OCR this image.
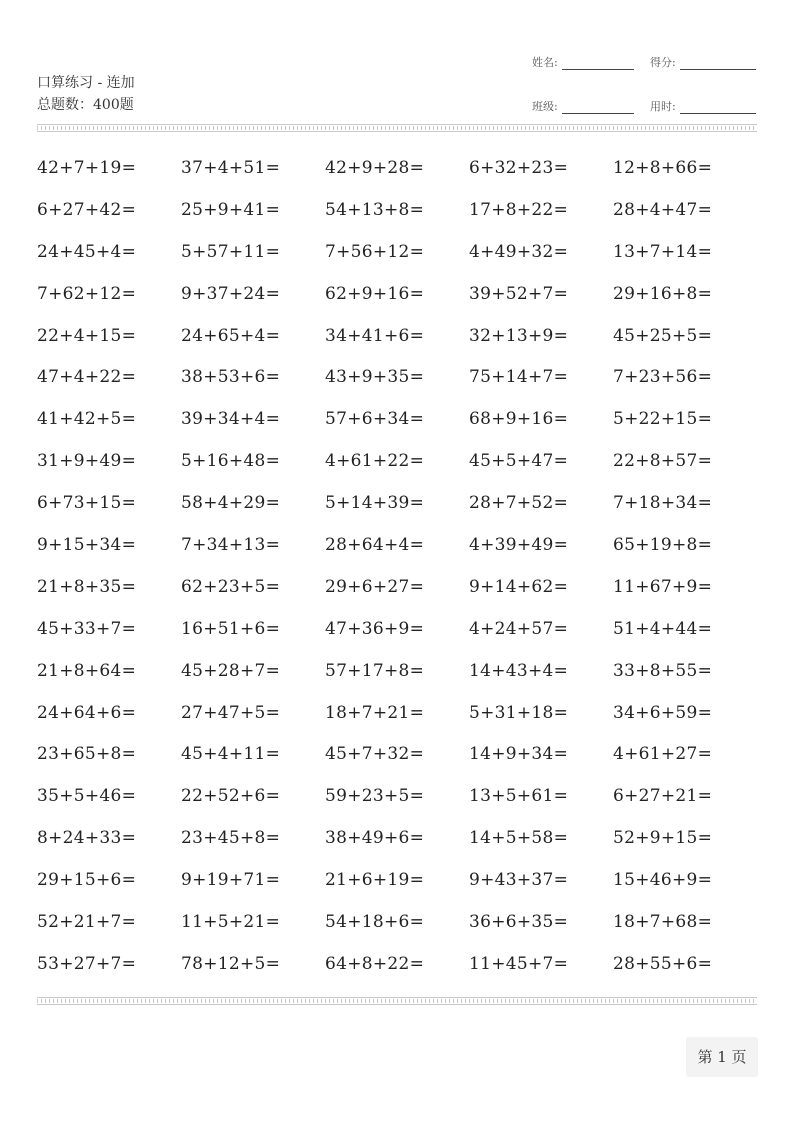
口算练习 - 连加
总题数：400题
姓名:	得分:
班级:	用时:
42+7+19=	37+4+51=	42+9+28=	6+32+23=	12+8+66=
6+27+42=	25+9+41=	54+13+8=	17+8+22=	28+4+47=
24+45+4=	5+57+11=	7+56+12=	4+49+32=	13+7+14=
7+62+12=	9+37+24=	62+9+16=	39+52+7=	29+16+8=
22+4+15=	24+65+4=	34+41+6=	32+13+9=	45+25+5=
47+4+22=	38+53+6=	43+9+35=	75+14+7=	7+23+56=
41+42+5=	39+34+4=	57+6+34=	68+9+16=	5+22+15=
31+9+49=	5+16+48=	4+61+22=	45+5+47=	22+8+57=
6+73+15=	58+4+29=	5+14+39=	28+7+52=	7+18+34=
9+15+34=	7+34+13=	28+64+4=	4+39+49=	65+19+8=
21+8+35=	62+23+5=	29+6+27=	9+14+62=	11+67+9=
45+33+7=	16+51+6=	47+36+9=	4+24+57=	51+4+44=
21+8+64=	45+28+7=	57+17+8=	14+43+4=	33+8+55=
24+64+6=	27+47+5=	18+7+21=	5+31+18=	34+6+59=
23+65+8=	45+4+11=	45+7+32=	14+9+34=	4+61+27=
35+5+46=	22+52+6=	59+23+5=	13+5+61=	6+27+21=
8+24+33=	23+45+8=	38+49+6=	14+5+58=	52+9+15=
29+15+6=	9+19+71=	21+6+19=	9+43+37=	15+46+9=
52+21+7=	11+5+21=	54+18+6=	36+6+35=	18+7+68=
53+27+7=	78+12+5=	64+8+22=	11+45+7=	28+55+6=
第 1 页
